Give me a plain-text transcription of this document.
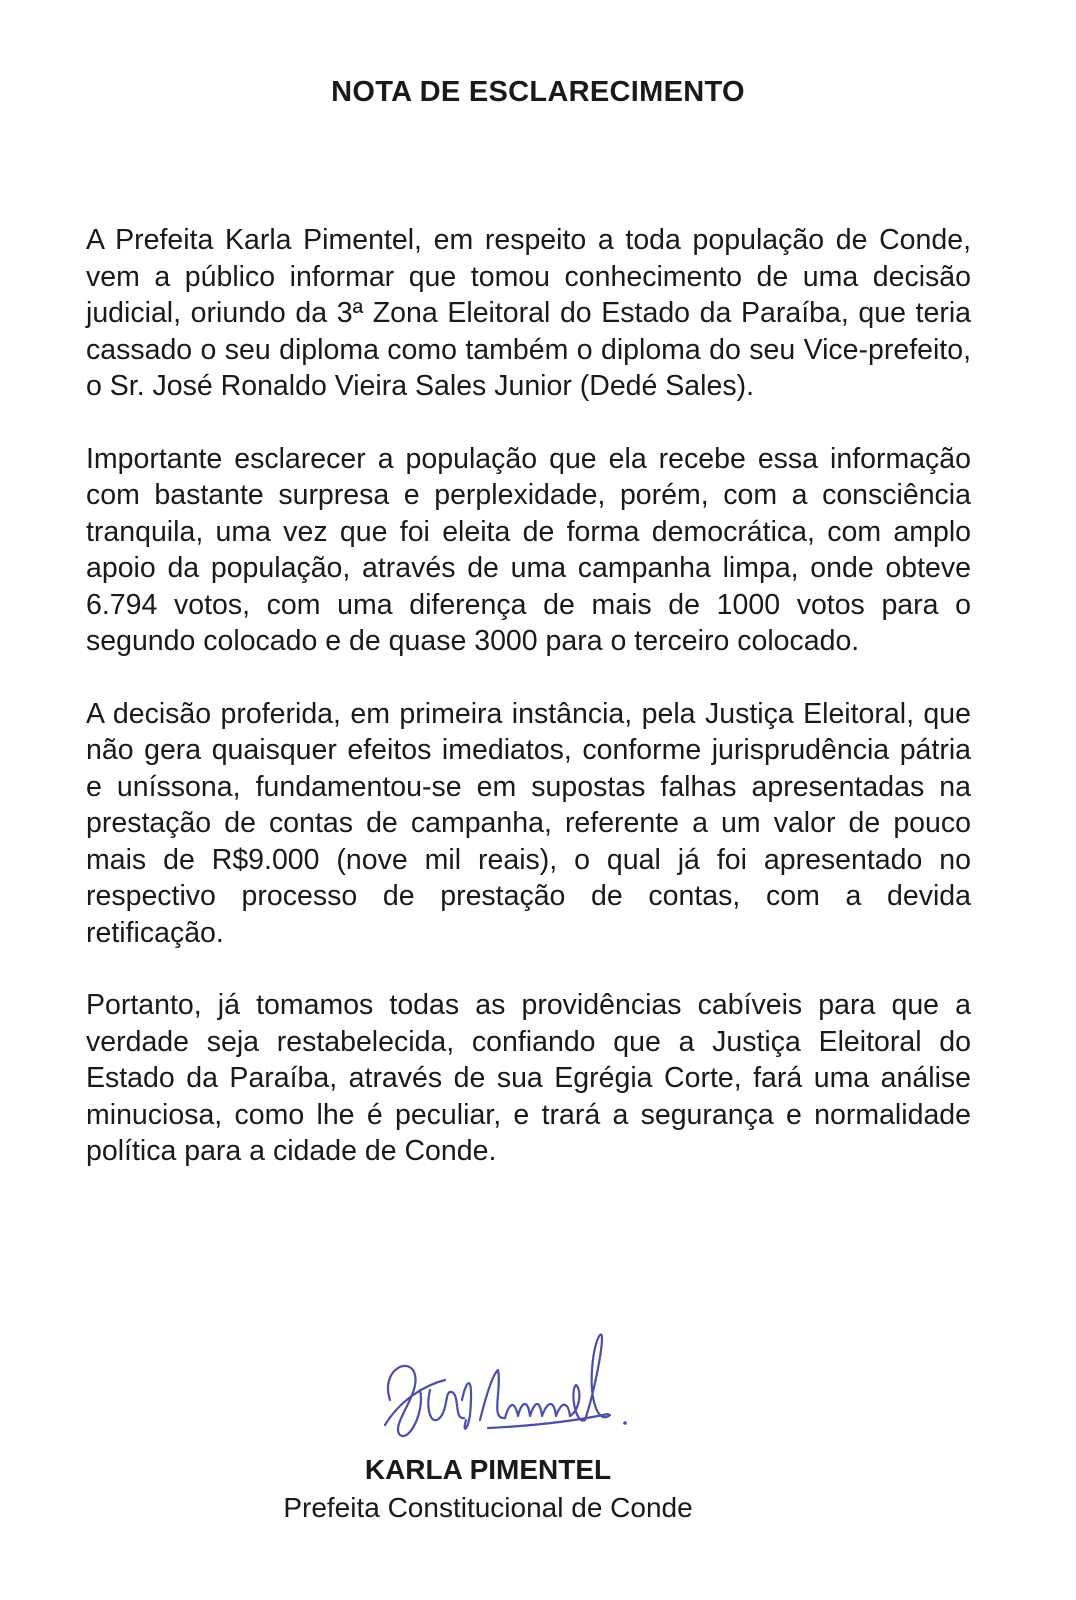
NOTA DE ESCLARECIMENTO

A Prefeita Karla Pimentel, em respeito a toda população de Conde, vem a público informar que tomou conhecimento de uma decisão judicial, oriundo da 3ª Zona Eleitoral do Estado da Paraíba, que teria cassado o seu diploma como também o diploma do seu Vice-prefeito, o Sr. José Ronaldo Vieira Sales Junior (Dedé Sales).

Importante esclarecer a população que ela recebe essa informação com bastante surpresa e perplexidade, porém, com a consciência tranquila, uma vez que foi eleita de forma democrática, com amplo apoio da população, através de uma campanha limpa, onde obteve 6.794 votos, com uma diferença de mais de 1000 votos para o segundo colocado e de quase 3000 para o terceiro colocado.

A decisão proferida, em primeira instância, pela Justiça Eleitoral, que não gera quaisquer efeitos imediatos, conforme jurisprudência pátria e uníssona, fundamentou-se em supostas falhas apresentadas na prestação de contas de campanha, referente a um valor de pouco mais de R$9.000 (nove mil reais), o qual já foi apresentado no respectivo processo de prestação de contas, com a devida retificação.

Portanto, já tomamos todas as providências cabíveis para que a verdade seja restabelecida, confiando que a Justiça Eleitoral do Estado da Paraíba, através de sua Egrégia Corte, fará uma análise minuciosa, como lhe é peculiar, e trará a segurança e normalidade política para a cidade de Conde.

KARLA PIMENTEL

Prefeita Constitucional de Conde
